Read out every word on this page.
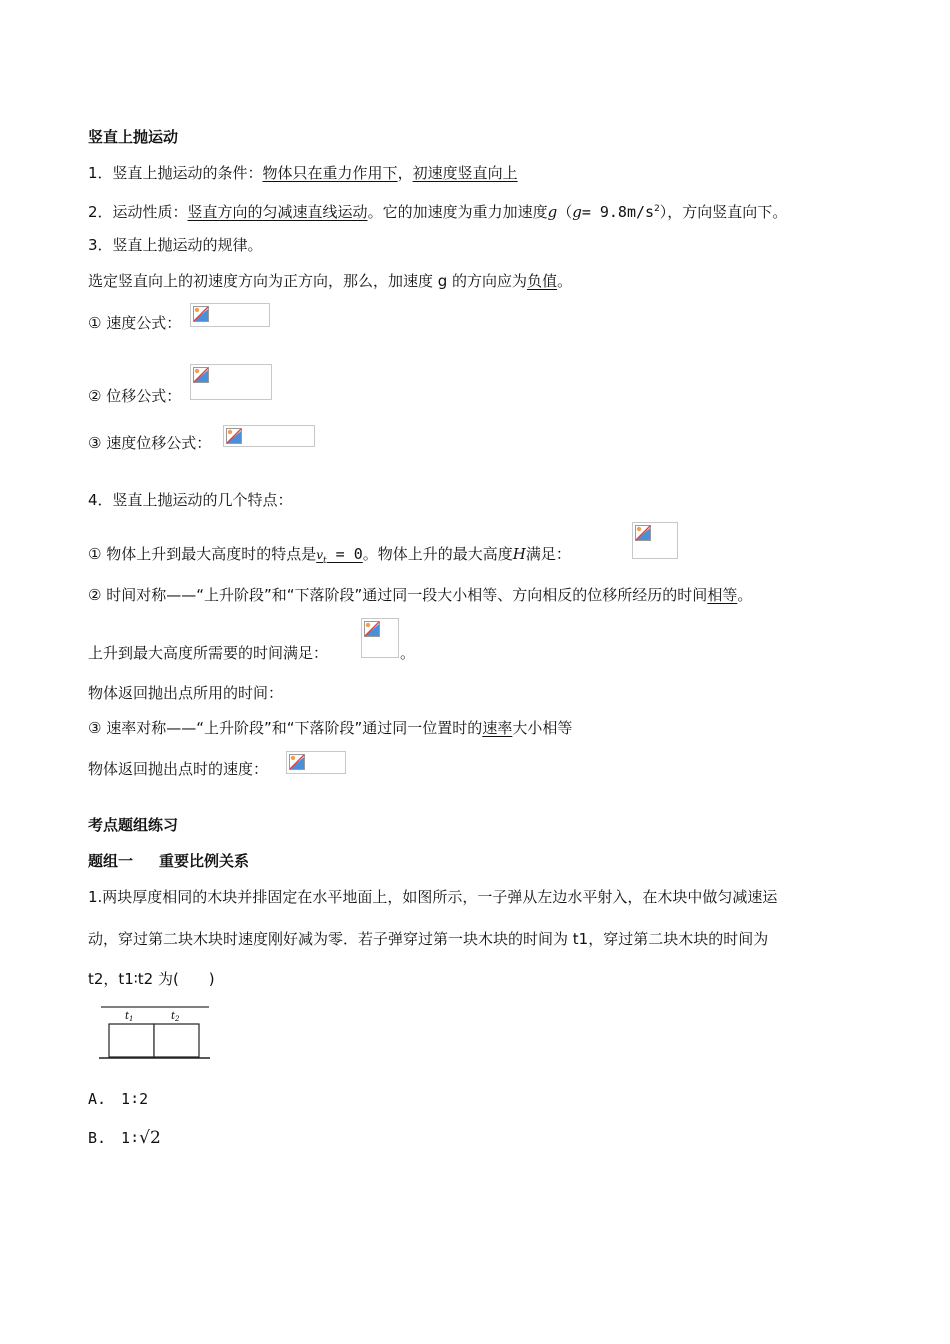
竖直上抛运动
1．竖直上抛运动的条件：物体只在重力作用下，初速度竖直向上
2．运动性质：竖直方向的匀减速直线运动。它的加速度为重力加速度$g(g= 9.8m/s^2)$，方向竖直向下。
3．竖直上抛运动的规律。
选定竖直向上的初速度方向为正方向，那么，加速度 g 的方向应为负值。
① 速度公式：
② 位移公式：
③ 速度位移公式：
4．竖直上抛运动的几个特点：
① 物体上升到最大高度时的特点是$v_t = 0$。物体上升的最大高度H满足：
② 时间对称——“上升阶段”和“下落阶段”通过同一段大小相等、方向相反的位移所经历的时间相等。
上升到最大高度所需要的时间满足：	。
物体返回抛出点所用的时间：
③ 速率对称——“上升阶段”和“下落阶段”通过同一位置时的速率大小相等
物体返回抛出点时的速度：
考点题组练习
题组一 重要比例关系
1.两块厚度相同的木块并排固定在水平地面上，如图所示，一子弹从左边水平射入，在木块中做匀减速运
动，穿过第二块木块时速度刚好减为零．若子弹穿过第一块木块的时间为 t1，穿过第二块木块的时间为
t2，t1∶t2 为(　　)
$t_1$	$t_2$
A.　1∶2
B.　1∶√2
